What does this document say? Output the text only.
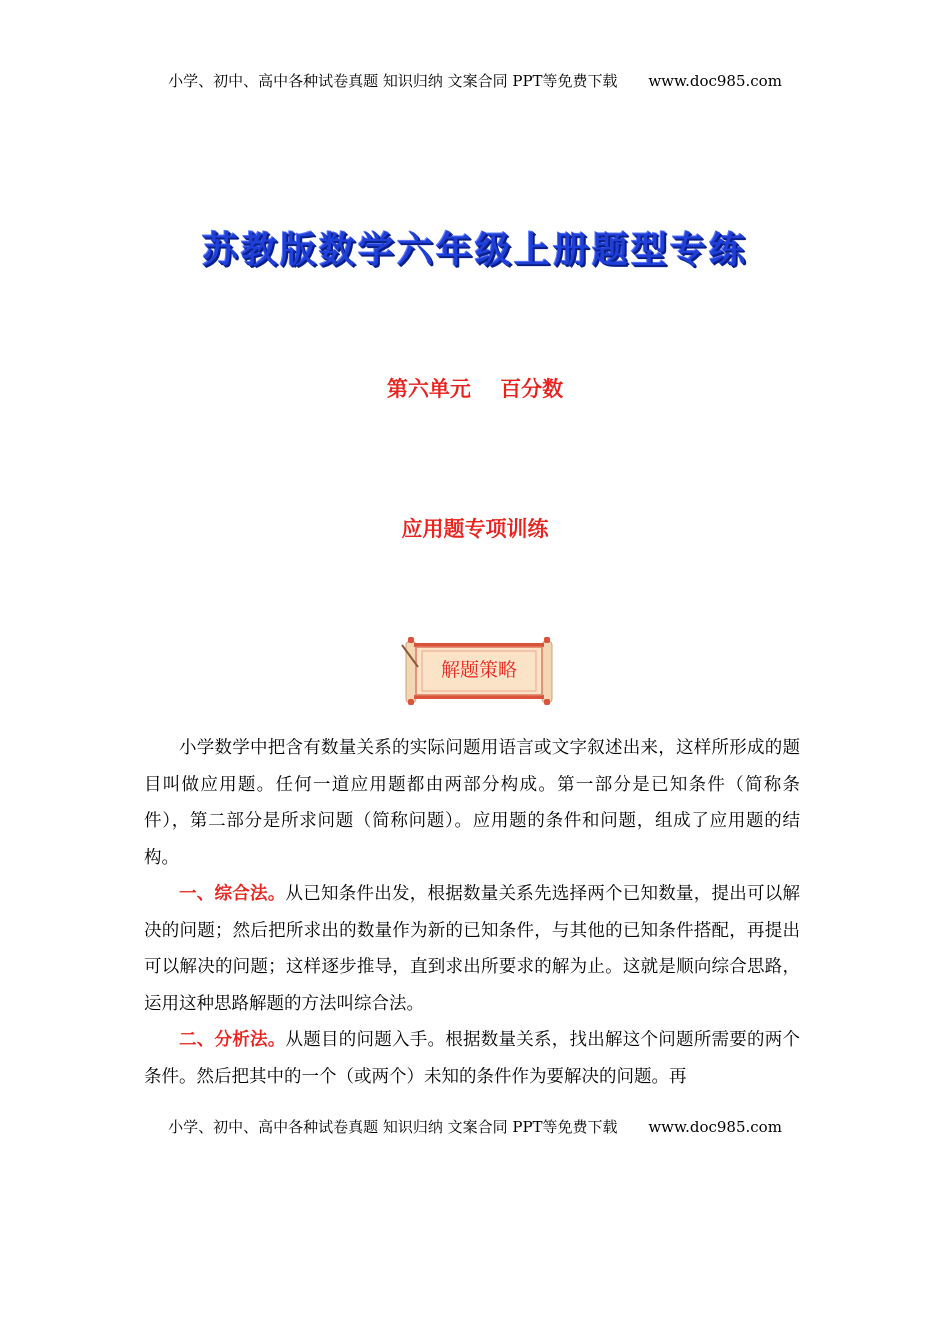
小学、初中、高中各种试卷真题 知识归纳 文案合同 PPT等免费下载 www.doc985.com
苏教版数学六年级上册题型专练
第六单元    百分数
应用题专项训练
解题策略

小学数学中把含有数量关系的实际问题用语言或文字叙述出来，这样所形成的题目叫做应用题。任何一道应用题都由两部分构成。第一部分是已知条件（简称条件），第二部分是所求问题（简称问题）。应用题的条件和问题，组成了应用题的结构。

一、综合法。从已知条件出发，根据数量关系先选择两个已知数量，提出可以解决的问题；然后把所求出的数量作为新的已知条件，与其他的已知条件搭配，再提出可以解决的问题；这样逐步推导，直到求出所要求的解为止。这就是顺向综合思路，运用这种思路解题的方法叫综合法。

二、分析法。从题目的问题入手。根据数量关系，找出解这个问题所需要的两个条件。然后把其中的一个（或两个）未知的条件作为要解决的问题。再

小学、初中、高中各种试卷真题 知识归纳 文案合同 PPT等免费下载 www.doc985.com
